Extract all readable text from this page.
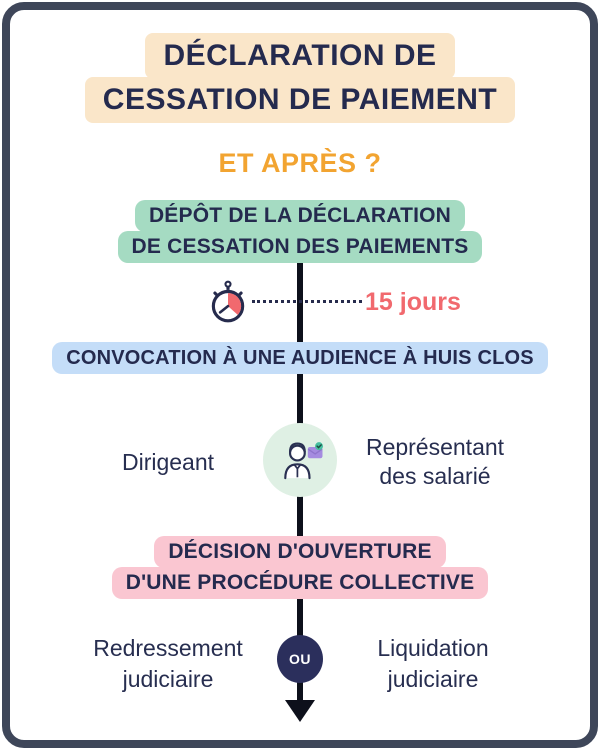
DÉCLARATION DE
CESSATION DE PAIEMENT
ET APRÈS ?
DÉPÔT DE LA DÉCLARATION
DE CESSATION DES PAIEMENTS
15 jours
CONVOCATION À UNE AUDIENCE À HUIS CLOS
Dirigeant
Représentant
des salarié
DÉCISION D'OUVERTURE
D'UNE PROCÉDURE COLLECTIVE
Redressement
judiciaire
OU	Liquidation
judiciaire
